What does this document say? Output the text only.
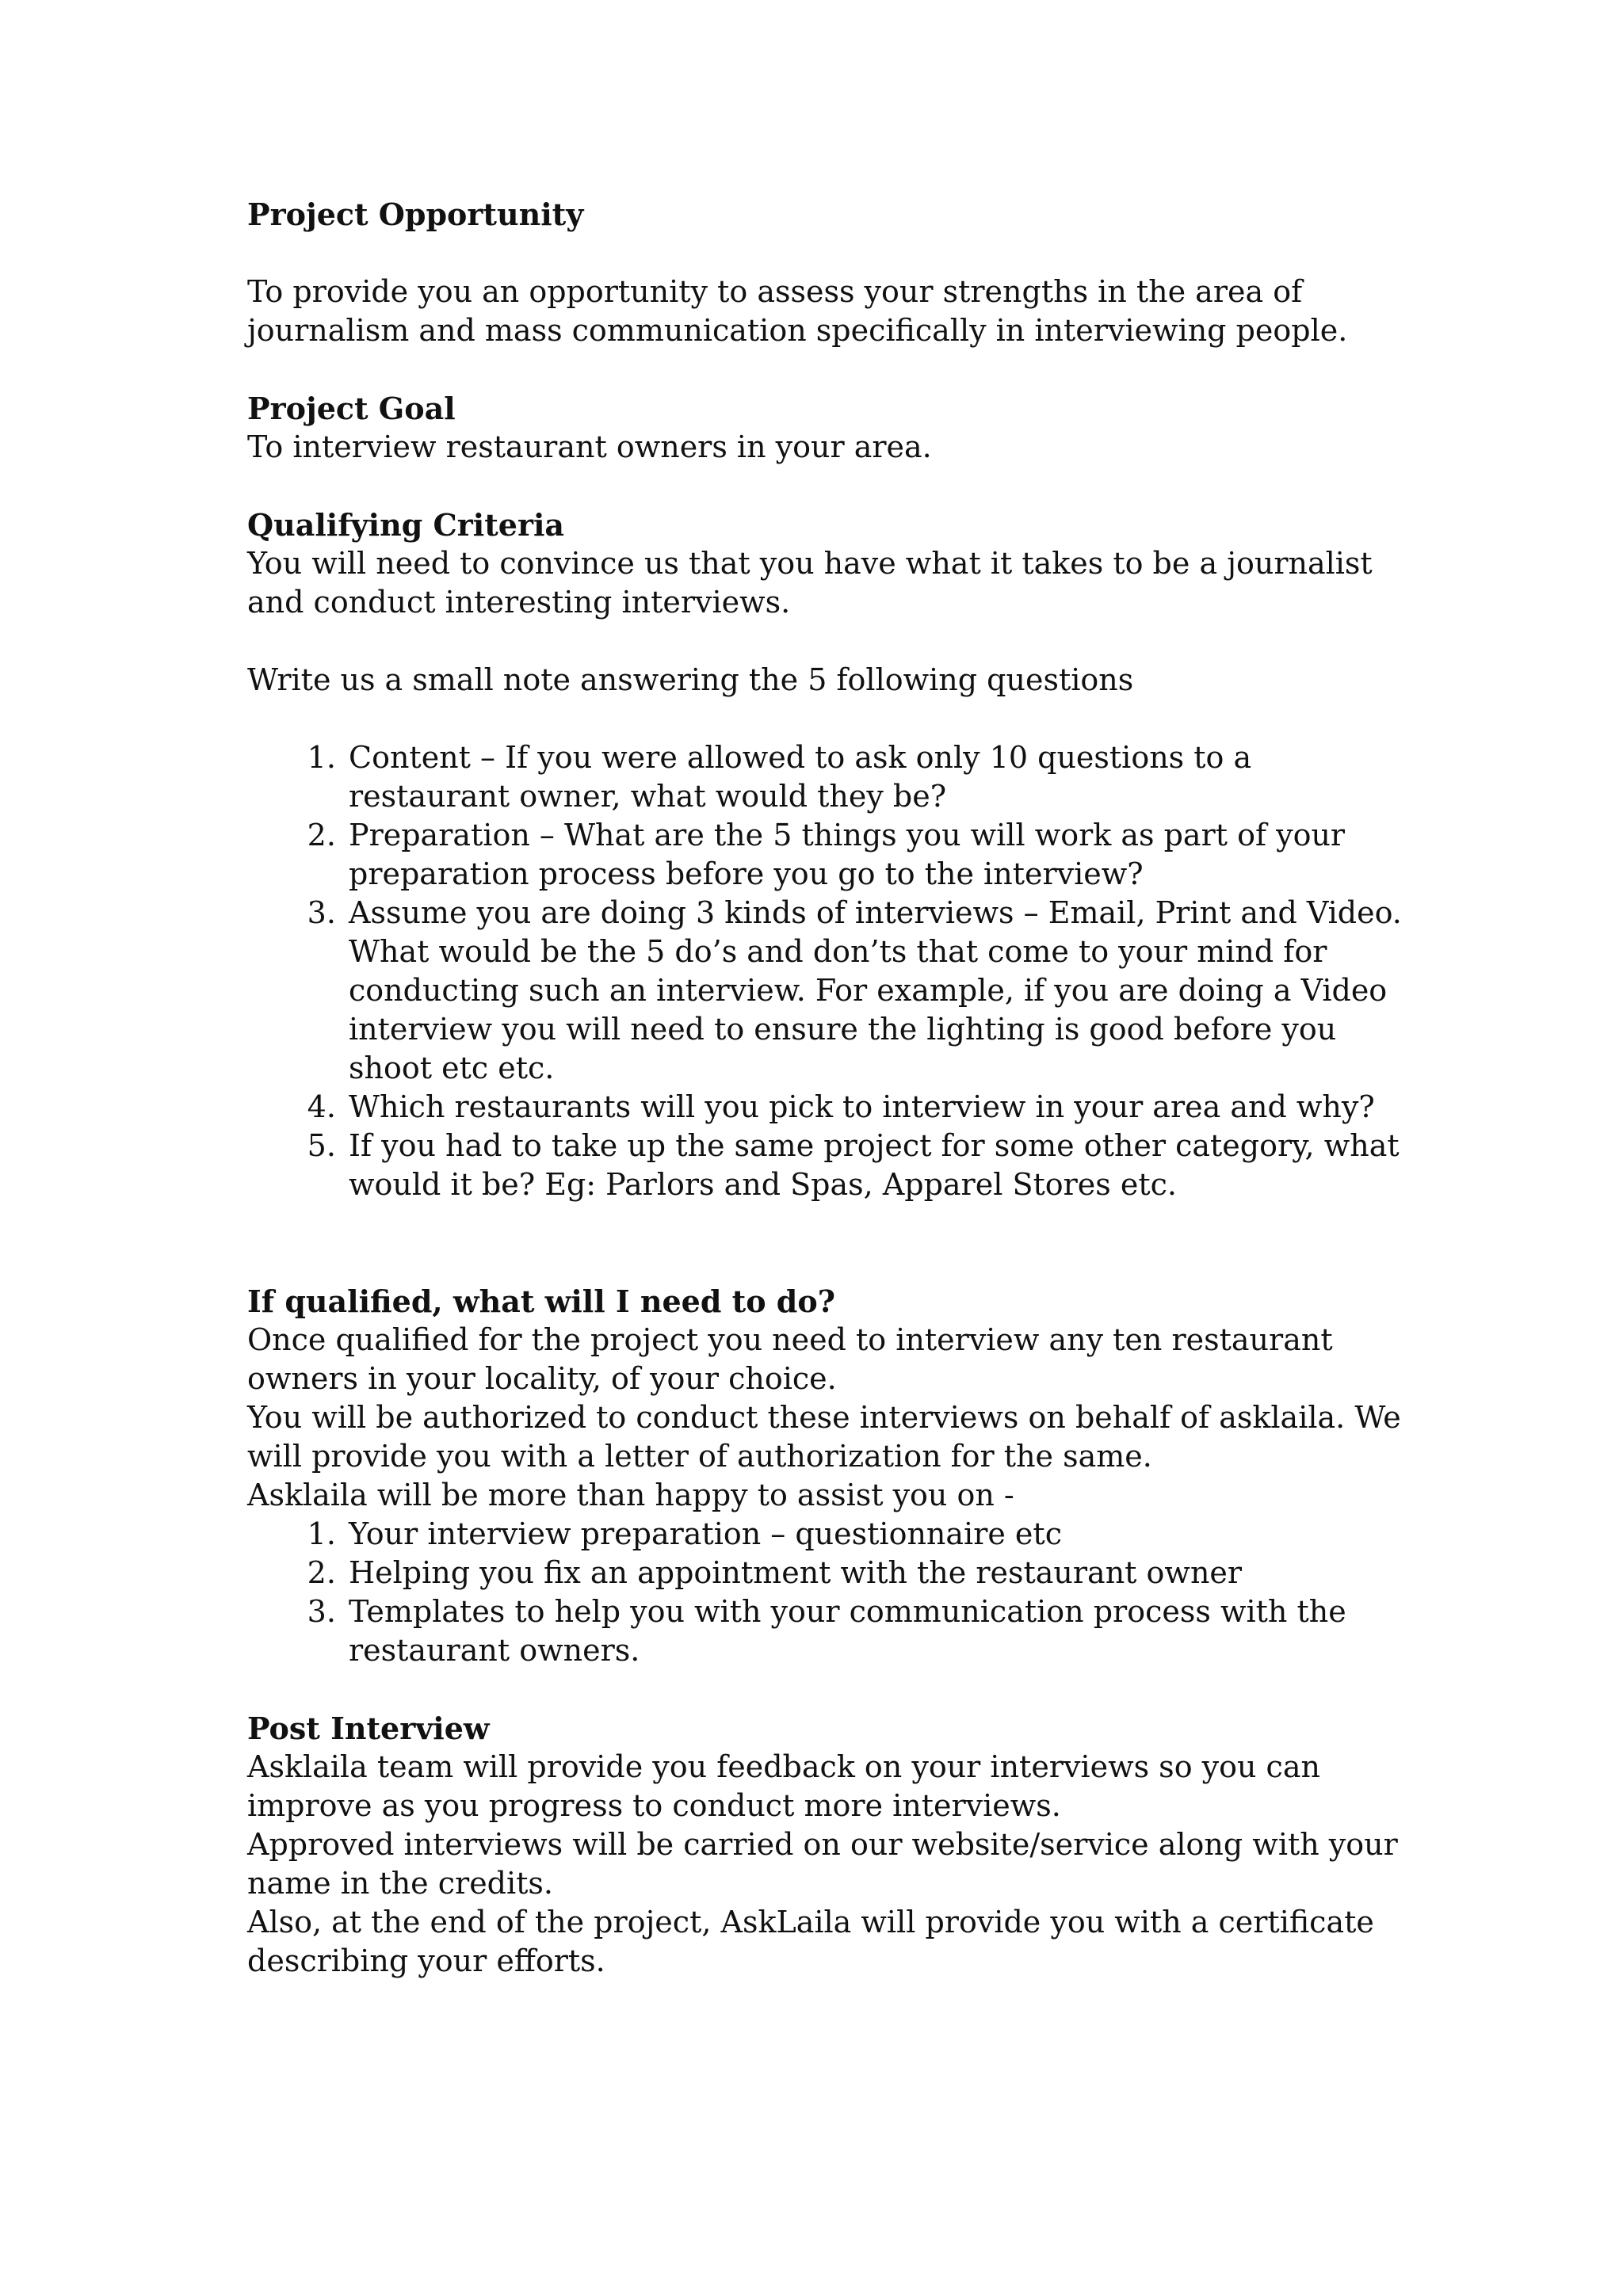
Project Opportunity

To provide you an opportunity to assess your strengths in the area of journalism and mass communication specifically in interviewing people.

Project Goal

To interview restaurant owners in your area.

Qualifying Criteria

You will need to convince us that you have what it takes to be a journalist and conduct interesting interviews.

Write us a small note answering the 5 following questions

1. Content – If you were allowed to ask only 10 questions to a restaurant owner, what would they be?
2. Preparation – What are the 5 things you will work as part of your preparation process before you go to the interview?
3. Assume you are doing 3 kinds of interviews – Email, Print and Video. What would be the 5 do’s and don’ts that come to your mind for conducting such an interview. For example, if you are doing a Video interview you will need to ensure the lighting is good before you shoot etc etc.
4. Which restaurants will you pick to interview in your area and why?
5. If you had to take up the same project for some other category, what would it be? Eg: Parlors and Spas, Apparel Stores etc.

If qualified, what will I need to do?

Once qualified for the project you need to interview any ten restaurant owners in your locality, of your choice.

You will be authorized to conduct these interviews on behalf of asklaila. We will provide you with a letter of authorization for the same.

Asklaila will be more than happy to assist you on -

1. Your interview preparation – questionnaire etc
2. Helping you fix an appointment with the restaurant owner
3. Templates to help you with your communication process with the restaurant owners.

Post Interview

Asklaila team will provide you feedback on your interviews so you can improve as you progress to conduct more interviews.

Approved interviews will be carried on our website/service along with your name in the credits.

Also, at the end of the project, AskLaila will provide you with a certificate describing your efforts.
